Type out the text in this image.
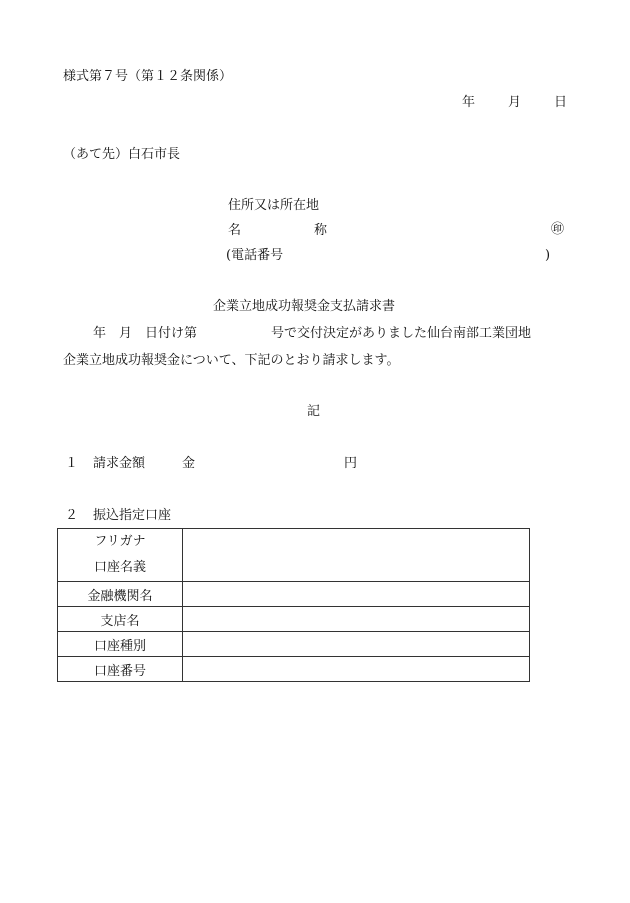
様式第７号（第１２条関係）
年	月	日
（あて先）白石市長
住所又は所在地
名	称	㊞
(電話番号	)
企業立地成功報奨金支払請求書
年　月　日付け第	号で交付決定がありました仙台南部工業団地
企業立地成功報奨金について、下記のとおり請求します。
記
１ 請求金額	金	円
２ 振込指定口座
フリガナ
口座名義	

金融機関名	
支店名	
口座種別	
口座番号	
